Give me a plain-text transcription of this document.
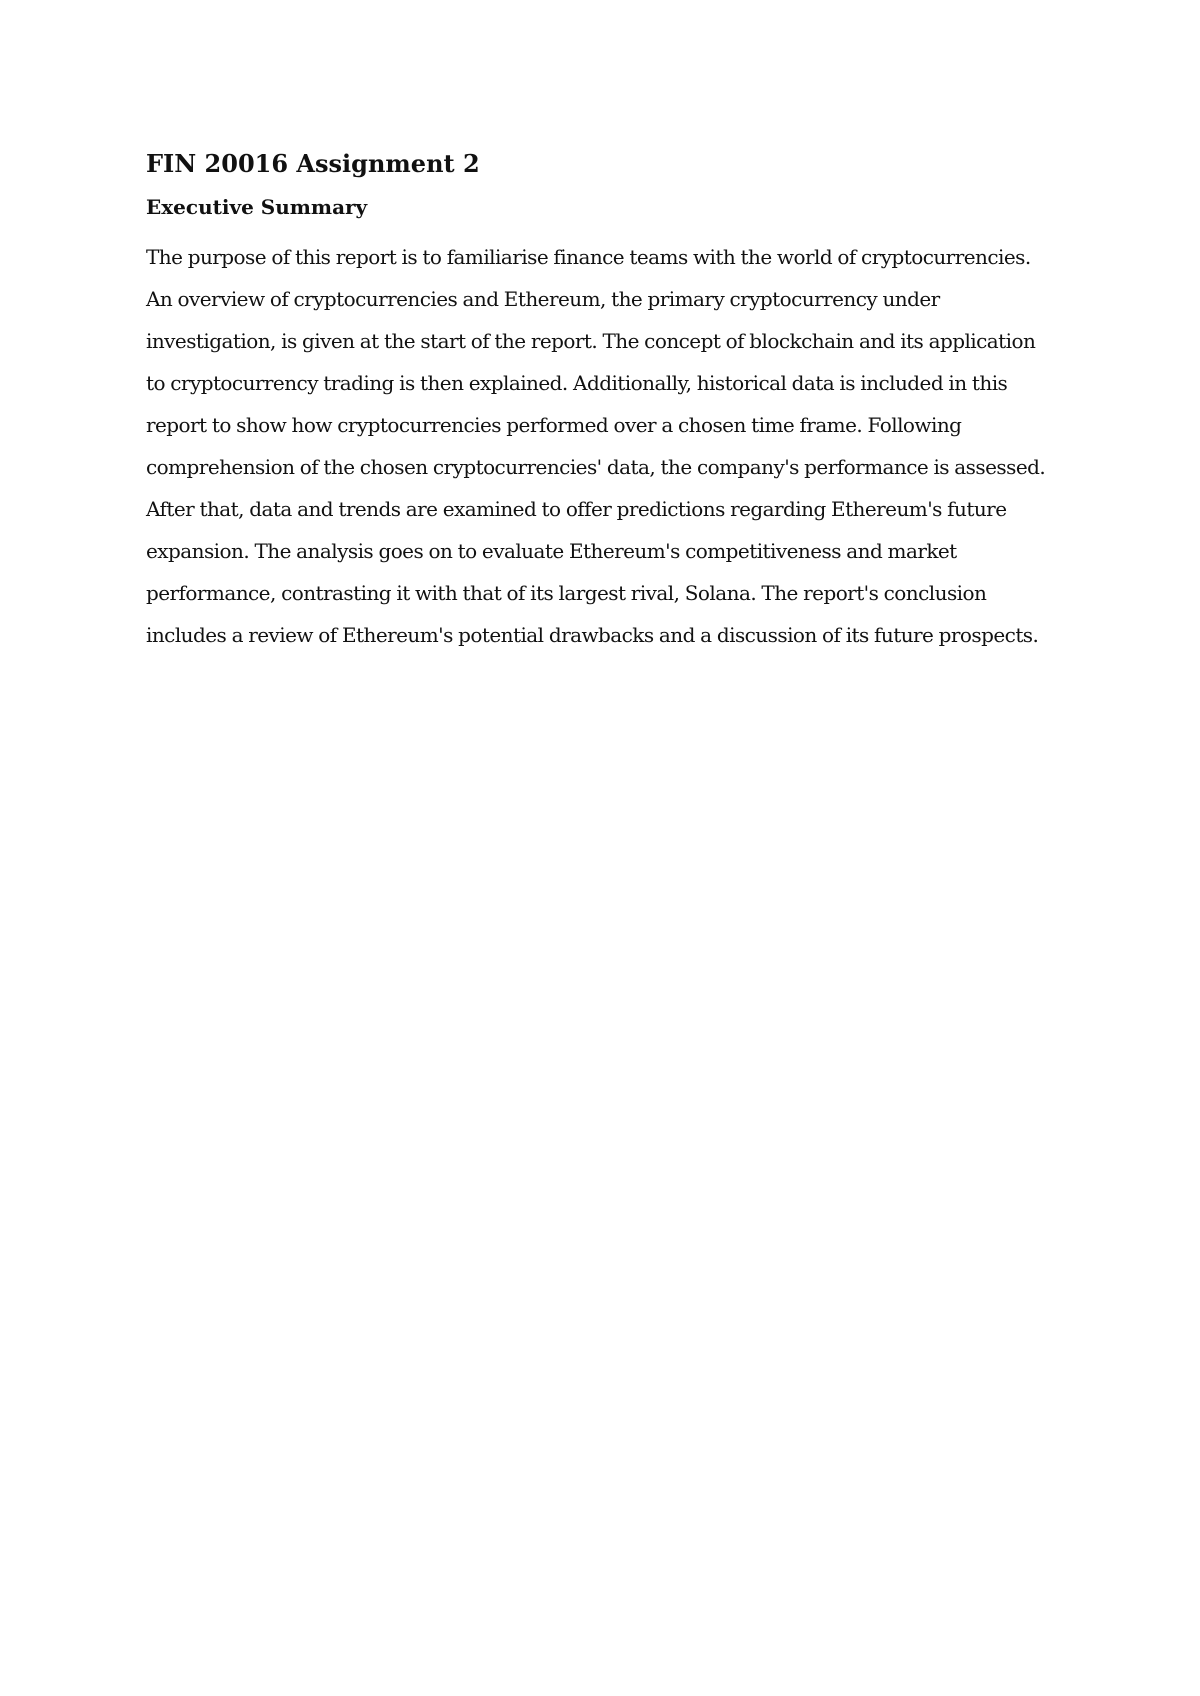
FIN 20016 Assignment 2
Executive Summary

The purpose of this report is to familiarise finance teams with the world of cryptocurrencies.
An overview of cryptocurrencies and Ethereum, the primary cryptocurrency under
investigation, is given at the start of the report. The concept of blockchain and its application
to cryptocurrency trading is then explained. Additionally, historical data is included in this
report to show how cryptocurrencies performed over a chosen time frame. Following
comprehension of the chosen cryptocurrencies' data, the company's performance is assessed.
After that, data and trends are examined to offer predictions regarding Ethereum's future
expansion. The analysis goes on to evaluate Ethereum's competitiveness and market
performance, contrasting it with that of its largest rival, Solana. The report's conclusion
includes a review of Ethereum's potential drawbacks and a discussion of its future prospects.
